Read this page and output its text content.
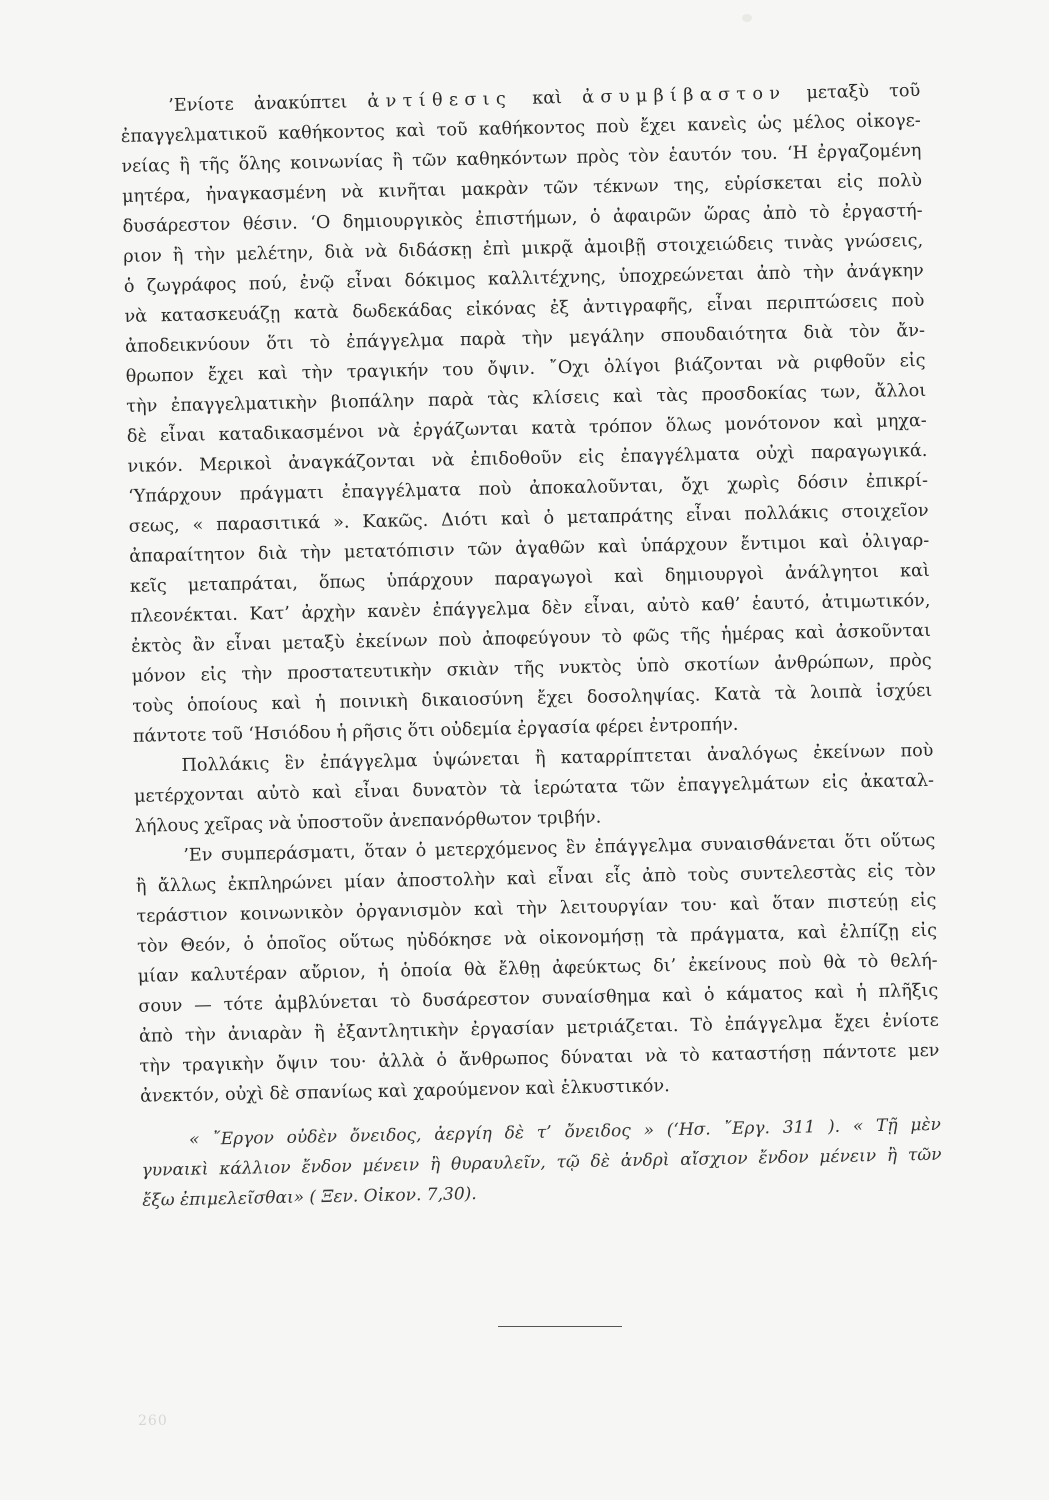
’Ενίοτε ἀνακύπτει ἀντίθεσις καὶ ἀσυμβίβαστον μεταξὺ τοῦ
ἐπαγγελματικοῦ καθήκοντος καὶ τοῦ καθήκοντος ποὺ ἔχει κανεὶς ὡς μέλος οἰκογε-
νείας ἢ τῆς ὅλης κοινωνίας ἢ τῶν καθηκόντων πρὸς τὸν ἑαυτόν του. ‘Η ἐργαζομένη
μητέρα, ἠναγκασμένη νὰ κινῆται μακρὰν τῶν τέκνων της, εὑρίσκεται εἰς πολὺ
δυσάρεστον θέσιν. ‘Ο δημιουργικὸς ἐπιστήμων, ὁ ἀφαιρῶν ὥρας ἀπὸ τὸ ἐργαστή-
ριον ἢ τὴν μελέτην, διὰ νὰ διδάσκῃ ἐπὶ μικρᾷ ἀμοιβῇ στοιχειώδεις τινὰς γνώσεις,
ὁ ζωγράφος πού, ἐνῷ εἶναι δόκιμος καλλιτέχνης, ὑποχρεώνεται ἀπὸ τὴν ἀνάγκην
νὰ κατασκευάζῃ κατὰ δωδεκάδας εἰκόνας ἐξ ἀντιγραφῆς, εἶναι περιπτώσεις ποὺ
ἀποδεικνύουν ὅτι τὸ ἐπάγγελμα παρὰ τὴν μεγάλην σπουδαιότητα διὰ τὸν ἄν-
θρωπον ἔχει καὶ τὴν τραγικήν του ὄψιν. ῎Οχι ὀλίγοι βιάζονται νὰ ριφθοῦν εἰς
τὴν ἐπαγγελματικὴν βιοπάλην παρὰ τὰς κλίσεις καὶ τὰς προσδοκίας των, ἄλλοι
δὲ εἶναι καταδικασμένοι νὰ ἐργάζωνται κατὰ τρόπον ὅλως μονότονον καὶ μηχα-
νικόν. Μερικοὶ ἀναγκάζονται νὰ ἐπιδοθοῦν εἰς ἐπαγγέλματα οὐχὶ παραγωγικά.
‘Υπάρχουν πράγματι ἐπαγγέλματα ποὺ ἀποκαλοῦνται, ὄχι χωρὶς δόσιν ἐπικρί-
σεως, « παρασιτικά ». Κακῶς. Διότι καὶ ὁ μεταπράτης εἶναι πολλάκις στοιχεῖον
ἀπαραίτητον διὰ τὴν μετατόπισιν τῶν ἀγαθῶν καὶ ὑπάρχουν ἔντιμοι καὶ ὀλιγαρ-
κεῖς μεταπράται, ὅπως ὑπάρχουν παραγωγοὶ καὶ δημιουργοὶ ἀνάλγητοι καὶ
πλεονέκται. Κατ’ ἀρχὴν κανὲν ἐπάγγελμα δὲν εἶναι, αὐτὸ καθ’ ἑαυτό, ἀτιμωτικόν,
ἐκτὸς ἂν εἶναι μεταξὺ ἐκείνων ποὺ ἀποφεύγουν τὸ φῶς τῆς ἡμέρας καὶ ἀσκοῦνται
μόνον εἰς τὴν προστατευτικὴν σκιὰν τῆς νυκτὸς ὑπὸ σκοτίων ἀνθρώπων, πρὸς
τοὺς ὁποίους καὶ ἡ ποινικὴ δικαιοσύνη ἔχει δοσοληψίας. Κατὰ τὰ λοιπὰ ἰσχύει
πάντοτε τοῦ ‘Ησιόδου ἡ ρῆσις ὅτι οὐδεμία ἐργασία φέρει ἐντροπήν.
Πολλάκις ἓν ἐπάγγελμα ὑψώνεται ἢ καταρρίπτεται ἀναλόγως ἐκείνων ποὺ
μετέρχονται αὐτὸ καὶ εἶναι δυνατὸν τὰ ἱερώτατα τῶν ἐπαγγελμάτων εἰς ἀκαταλ-
λήλους χεῖρας νὰ ὑποστοῦν ἀνεπανόρθωτον τριβήν.
’Εν συμπεράσματι, ὅταν ὁ μετερχόμενος ἓν ἐπάγγελμα συναισθάνεται ὅτι οὕτως
ἢ ἄλλως ἐκπληρώνει μίαν ἀποστολὴν καὶ εἶναι εἷς ἀπὸ τοὺς συντελεστὰς εἰς τὸν
τεράστιον κοινωνικὸν ὀργανισμὸν καὶ τὴν λειτουργίαν του· καὶ ὅταν πιστεύῃ εἰς
τὸν Θεόν, ὁ ὁποῖος οὕτως ηὐδόκησε νὰ οἰκονομήσῃ τὰ πράγματα, καὶ ἐλπίζῃ εἰς
μίαν καλυτέραν αὔριον, ἡ ὁποία θὰ ἔλθῃ ἀφεύκτως δι’ ἐκείνους ποὺ θὰ τὸ θελή-
σουν — τότε ἀμβλύνεται τὸ δυσάρεστον συναίσθημα καὶ ὁ κάματος καὶ ἡ πλῆξις
ἀπὸ τὴν ἀνιαρὰν ἢ ἐξαντλητικὴν ἐργασίαν μετριάζεται. Τὸ ἐπάγγελμα ἔχει ἐνίοτε
τὴν τραγικὴν ὄψιν του· ἀλλὰ ὁ ἄνθρωπος δύναται νὰ τὸ καταστήσῃ πάντοτε μεν
ἀνεκτόν, οὐχὶ δὲ σπανίως καὶ χαρούμενον καὶ ἑλκυστικόν.
« ῎Εργον οὐδὲν ὄνειδος, ἀεργίη δὲ τ’ ὄνειδος » (‘Ησ. ῎Εργ. 311 ). « Τῇ μὲν
γυναικὶ κάλλιον ἔνδον μένειν ἢ θυραυλεῖν, τῷ δὲ ἀνδρὶ αἴσχιον ἔνδον μένειν ἢ τῶν
ἔξω ἐπιμελεῖσθαι» ( Ξεν. Οἰκον. 7,30).
260
